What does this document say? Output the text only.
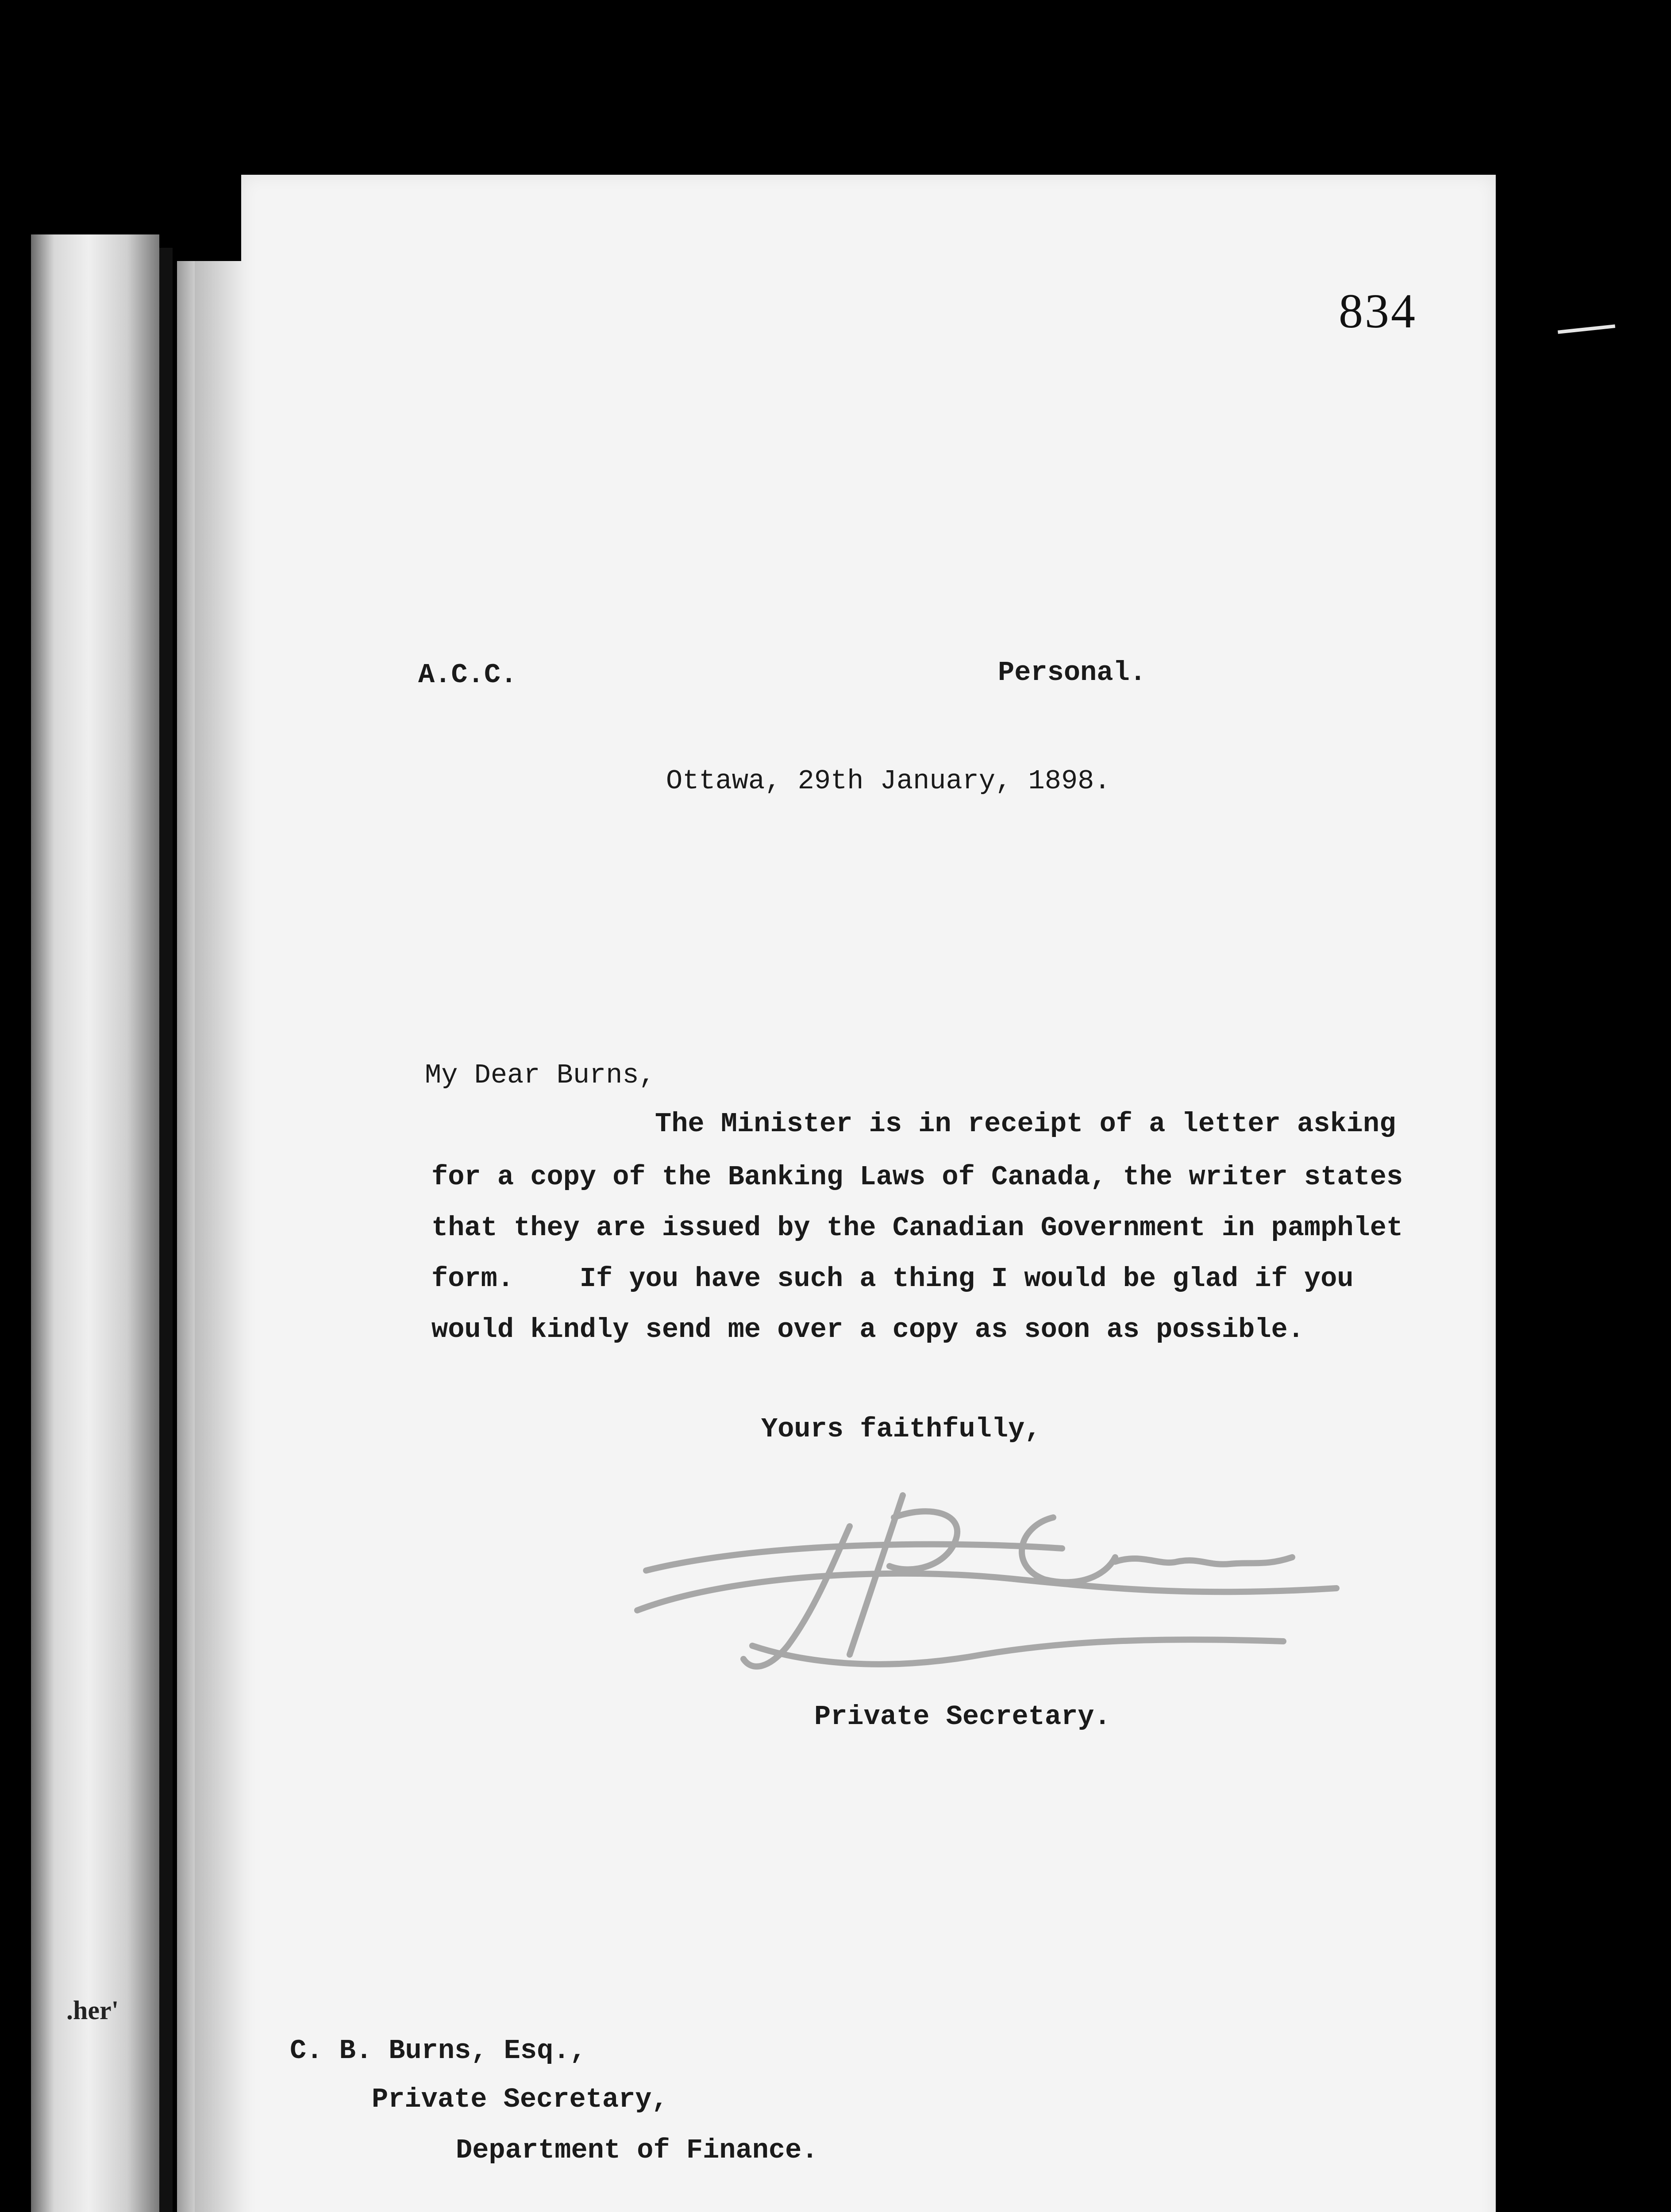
.her'
834
A.C.C.	Personal.
Ottawa, 29th January, 1898.
My Dear Burns,
The Minister is in receipt of a letter asking
for a copy of the Banking Laws of Canada, the writer states
that they are issued by the Canadian Government in pamphlet
form.    If you have such a thing I would be glad if you
would kindly send me over a copy as soon as possible.
Yours faithfully,
Private Secretary.
C. B. Burns, Esq.,
Private Secretary,
Department of Finance.
